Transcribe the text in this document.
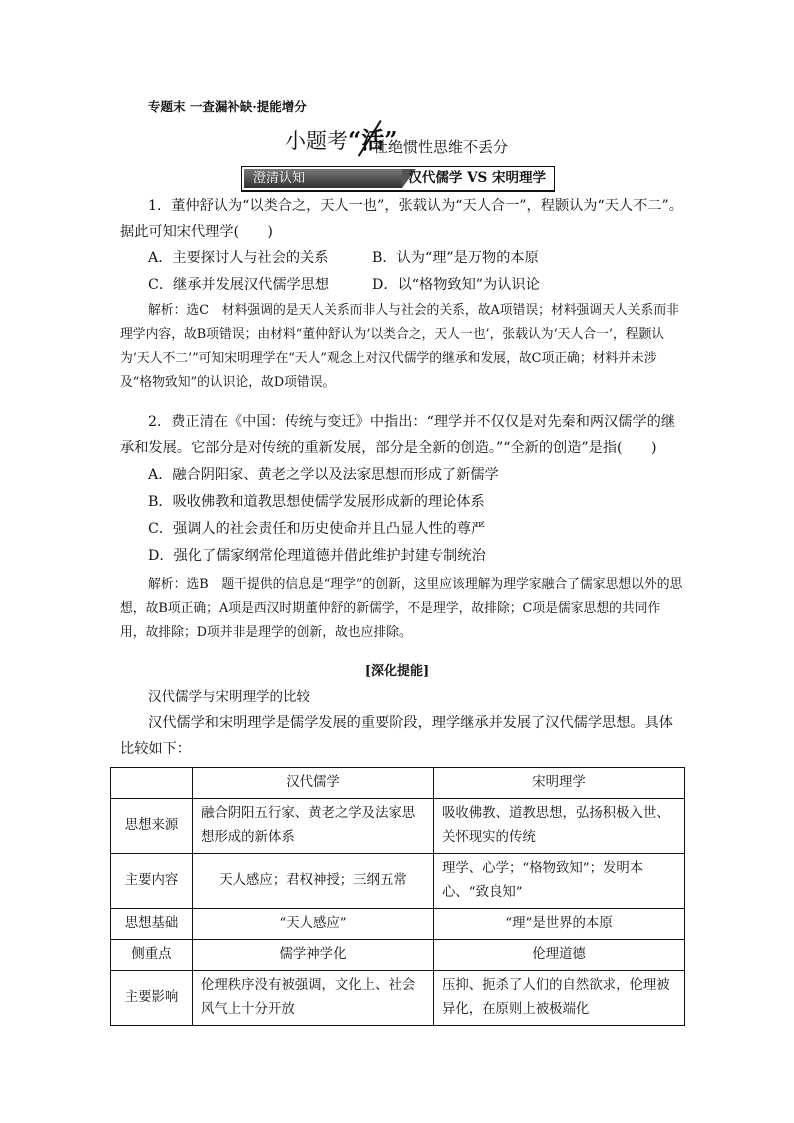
专题末 一查漏补缺·提能增分
小题考“活”
杜绝惯性思维不丢分
澄清认知	汉代儒学 VS 宋明理学
1．董仲舒认为“以类合之，天人一也”，张载认为“天人合一”，程颢认为“天人不二”。据此可知宋代理学(　　)
A．主要探讨人与社会的关系	B．认为“理”是万物的本原
C．继承并发展汉代儒学思想	D．以“格物致知”为认识论
解析：选C　材料强调的是天人关系而非人与社会的关系，故A项错误；材料强调天人关系而非理学内容，故B项错误；由材料“董仲舒认为‘以类合之，天人一也’，张载认为‘天人合一’，程颢认为‘天人不二’”可知宋明理学在“天人”观念上对汉代儒学的继承和发展，故C项正确；材料并未涉及“格物致知”的认识论，故D项错误。
2．费正清在《中国：传统与变迁》中指出：“理学并不仅仅是对先秦和两汉儒学的继承和发展。它部分是对传统的重新发展，部分是全新的创造。”“全新的创造”是指(　　)
A．融合阴阳家、黄老之学以及法家思想而形成了新儒学
B．吸收佛教和道教思想使儒学发展形成新的理论体系
C．强调人的社会责任和历史使命并且凸显人性的尊严
D．强化了儒家纲常伦理道德并借此维护封建专制统治
解析：选B　题干提供的信息是“理学”的创新，这里应该理解为理学家融合了儒家思想以外的思想，故B项正确；A项是西汉时期董仲舒的新儒学，不是理学，故排除；C项是儒家思想的共同作用，故排除；D项并非是理学的创新，故也应排除。
[深化提能]
汉代儒学与宋明理学的比较
汉代儒学和宋明理学是儒学发展的重要阶段，理学继承并发展了汉代儒学思想。具体比较如下：
	汉代儒学	宋明理学
思想来源	融合阴阳五行家、黄老之学及法家思想形成的新体系	吸收佛教、道教思想，弘扬积极入世、关怀现实的传统
主要内容	天人感应；君权神授；三纲五常	理学、心学；“格物致知”；发明本心、“致良知”
思想基础	“天人感应”	“理”是世界的本原
侧重点	儒学神学化	伦理道德
主要影响	伦理秩序没有被强调，文化上、社会风气上十分开放	压抑、扼杀了人们的自然欲求，伦理被异化，在原则上被极端化
